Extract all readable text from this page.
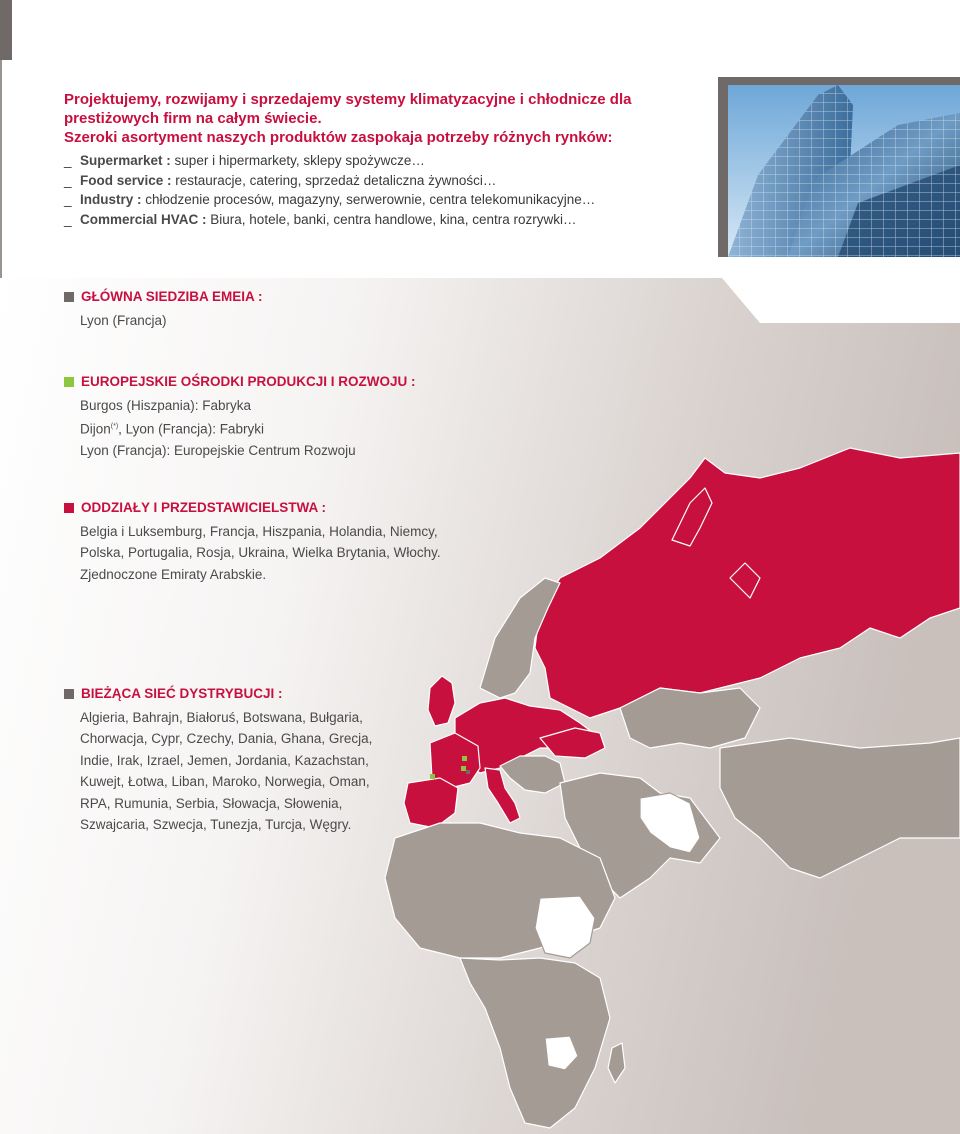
Projektujemy, rozwijamy i sprzedajemy systemy klimatyzacyjne i chłodnicze dla
prestiżowych firm na całym świecie.
Szeroki asortyment naszych produktów zaspokaja potrzeby różnych rynków:

_ Supermarket : super i hipermarkety, sklepy spożywcze…
_ Food service : restauracje, catering, sprzedaż detaliczna żywności…
_ Industry : chłodzenie procesów, magazyny, serwerownie, centra telekomunikacyjne…
_ Commercial HVAC : Biura, hotele, banki, centra handlowe, kina, centra rozrywki…
GŁÓWNA SIEDZIBA EMEIA :
Lyon (Francja)
EUROPEJSKIE OŚRODKI PRODUKCJI I ROZWOJU :
Burgos (Hiszpania): Fabryka
Dijon(*), Lyon (Francja): Fabryki
Lyon (Francja): Europejskie Centrum Rozwoju
ODDZIAŁY I PRZEDSTAWICIELSTWA :
Belgia i Luksemburg, Francja, Hiszpania, Holandia, Niemcy,
Polska, Portugalia, Rosja, Ukraina, Wielka Brytania, Włochy.
Zjednoczone Emiraty Arabskie.
BIEŻĄCA SIEĆ DYSTRYBUCJI :
Algieria, Bahrajn, Białoruś, Botswana, Bułgaria,
Chorwacja, Cypr, Czechy, Dania, Ghana, Grecja,
Indie, Irak, Izrael, Jemen, Jordania, Kazachstan,
Kuwejt, Łotwa, Liban, Maroko, Norwegia, Oman,
RPA, Rumunia, Serbia, Słowacja, Słowenia,
Szwajcaria, Szwecja, Tunezja, Turcja, Węgry.
